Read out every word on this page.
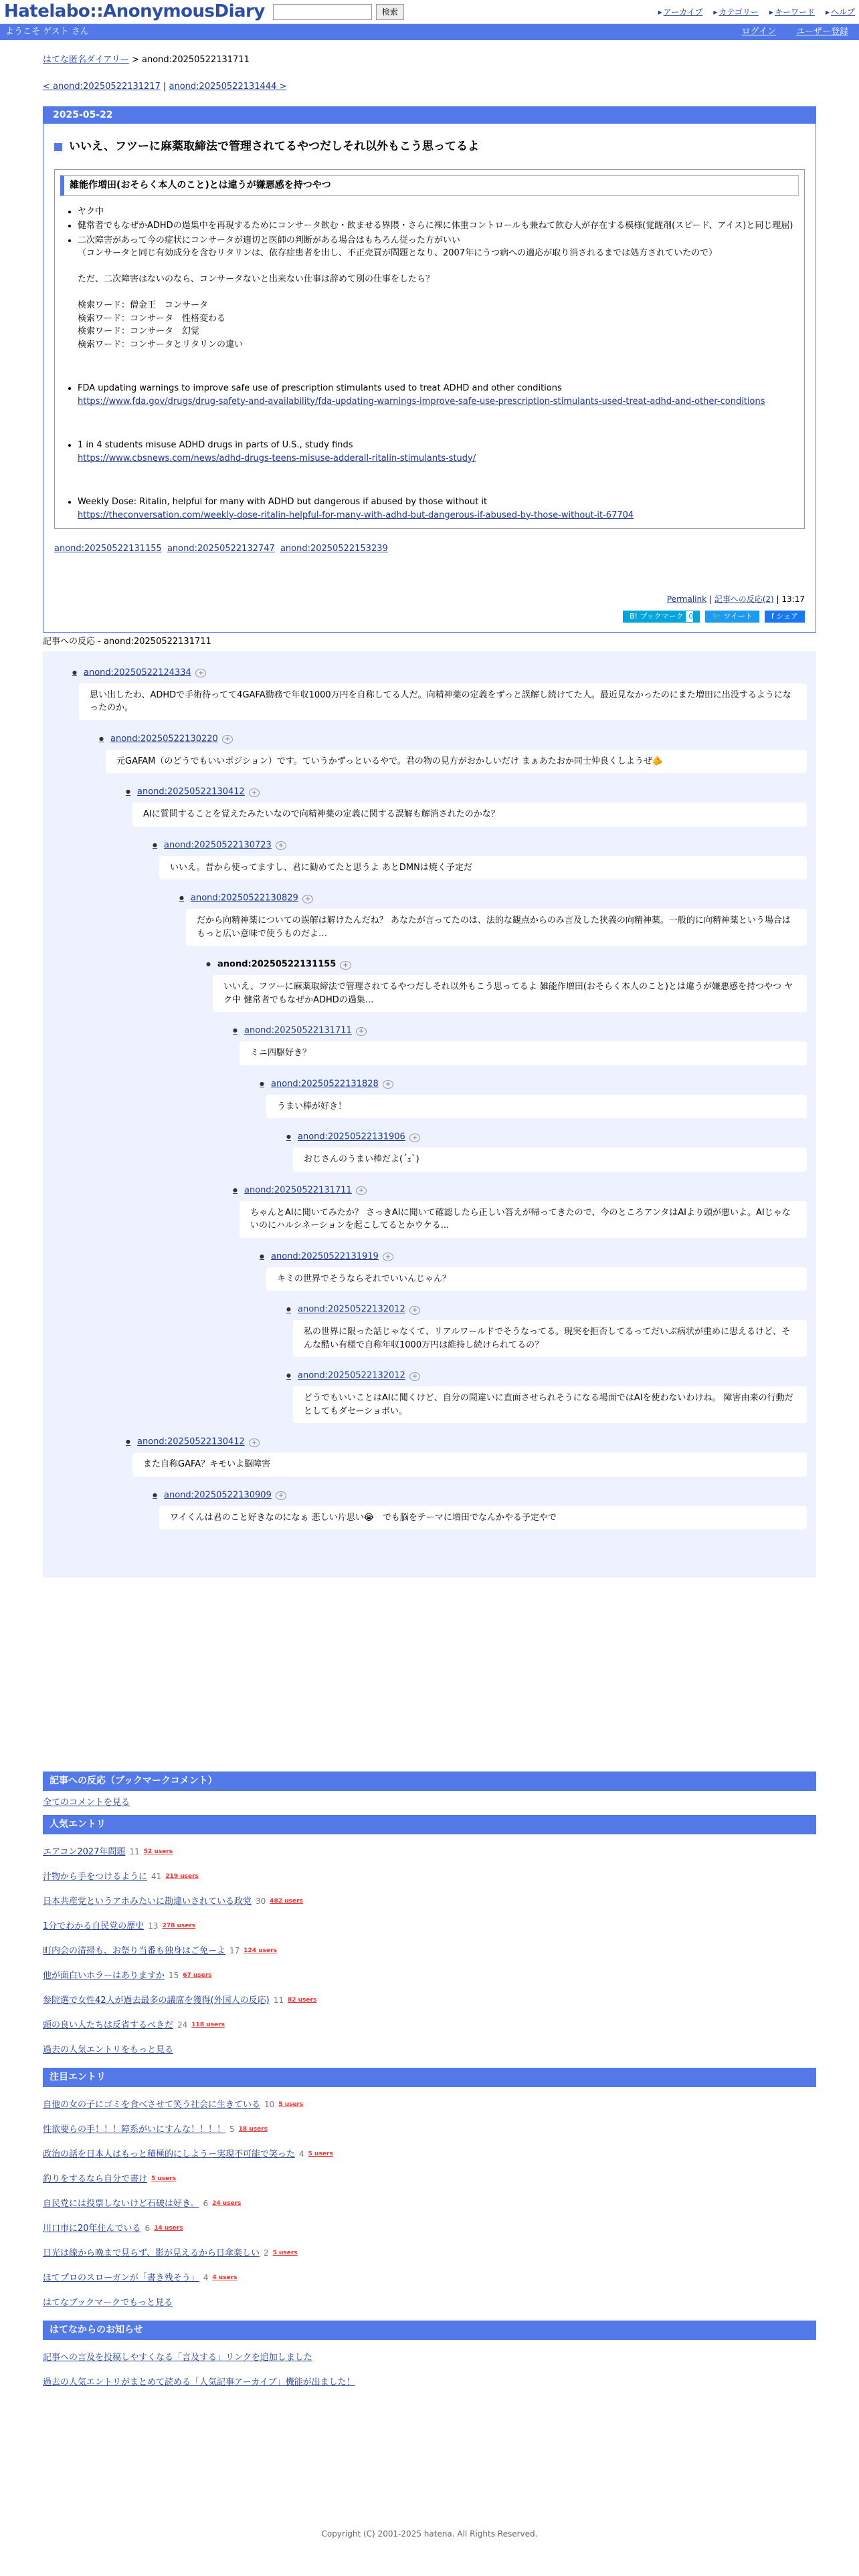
Hatelabo::AnonymousDiary	検索	▸ アーカイブ	▸ カテゴリー	▸ キーワード	▸ ヘルプ
ようこそ ゲスト さん	ログイン ユーザー登録
はてな匿名ダイアリー > anond:20250522131711
< anond:20250522131217 | anond:20250522131444 >
2025-05-22
いいえ、フツーに麻薬取締法で管理されてるやつだしそれ以外もこう思ってるよ
雑能作増田(おそらく本人のこと)とは違うが嫌悪感を持つやつ
• ヤク中
• 健常者でもなぜかADHDの過集中を再現するためにコンサータ飲む・飲ませる界隈・さらに裸に体重コントロールも兼ねて飲む人が存在する模様(覚醒剤(スピード、アイス)と同じ理屈)
• 二次障害があって今の症状にコンサータが適切と医師の判断がある場合はもちろん従った方がいい
（コンサータと同じ有効成分を含むリタリンは、依存症患者を出し、不正売買が問題となり、2007年にうつ病への適応が取り消されるまでは処方されていたので）

ただ、二次障害はないのなら、コンサータないと出来ない仕事は辞めて別の仕事をしたら？

検索ワード：僧金王　コンサータ
検索ワード：コンサータ　性格変わる
検索ワード：コンサータ　幻覚
検索ワード：コンサータとリタリンの違い
• FDA updating warnings to improve safe use of prescription stimulants used to treat ADHD and other conditions
https://www.fda.gov/drugs/drug-safety-and-availability/fda-updating-warnings-improve-safe-use-prescription-stimulants-used-treat-adhd-and-other-conditions
• 1 in 4 students misuse ADHD drugs in parts of U.S., study finds
https://www.cbsnews.com/news/adhd-drugs-teens-misuse-adderall-ritalin-stimulants-study/
• Weekly Dose: Ritalin, helpful for many with ADHD but dangerous if abused by those without it
https://theconversation.com/weekly-dose-ritalin-helpful-for-many-with-adhd-but-dangerous-if-abused-by-those-without-it-67704
anond:20250522131155 anond:20250522132747 anond:20250522153239
Permalink | 記事への反応(2) | 13:17
B! ブックマーク 0	🐦 ツイート	f シェア
記事への反応 - anond:20250522131711
● anond:20250522124334 +
思い出したわ、ADHDで手術待ってて4GAFA勤務で年収1000万円を自称してる人だ。向精神薬の定義をずっと誤解し続けてた人。最近見なかったのにまた増田に出没するようになったのか。
● anond:20250522130220 +
元GAFAM（のどうでもいいポジション）です。ていうかずっといるやで。君の物の見方がおかしいだけ まぁあたおか同士仲良くしようぜ🫵
● anond:20250522130412 +
AIに質問することを覚えたみたいなので向精神薬の定義に関する誤解も解消されたのかな？
● anond:20250522130723 +
いいえ。昔から使ってますし、君に勧めてたと思うよ あとDMNは焼く予定だ
● anond:20250522130829 +
だから向精神薬についての誤解は解けたんだね？ あなたが言ってたのは、法的な観点からのみ言及した狭義の向精神薬。一般的に向精神薬という場合はもっと広い意味で使うものだよ…
● anond:20250522131155 +
いいえ、フツーに麻薬取締法で管理されてるやつだしそれ以外もこう思ってるよ 雑能作増田(おそらく本人のこと)とは違うが嫌悪感を持つやつ ヤク中 健常者でもなぜかADHDの過集...
● anond:20250522131711 +
ミニ四駆好き？
● anond:20250522131828 +
うまい棒が好き！
● anond:20250522131906 +
おじさんのうまい棒だよ(´ｪ`)
● anond:20250522131711 +
ちゃんとAIに聞いてみたか？ さっきAIに聞いて確認したら正しい答えが帰ってきたので、今のところアンタはAIより頭が悪いよ。AIじゃないのにハルシネーションを起こしてるとかウケる...
● anond:20250522131919 +
キミの世界でそうならそれでいいんじゃん？
● anond:20250522132012 +
私の世界に限った話じゃなくて、リアルワールドでそうなってる。現実を拒否してるってだいぶ病状が重めに思えるけど、そんな酷い有様で自称年収1000万円は維持し続けられてるの？
● anond:20250522132012 +
どうでもいいことはAIに聞くけど、自分の間違いに直面させられそうになる場面ではAIを使わないわけね。 障害由来の行動だとしてもダセーショボい。
● anond:20250522130412 +
また自称GAFA？キモいよ脳障害
● anond:20250522130909 +
ワイくんは君のこと好きなのになぁ 悲しい片思い😭　でも脳をテーマに増田でなんかやる予定やで
記事への反応（ブックマークコメント）
全てのコメントを見る
人気エントリ
エアコン2027年問題 11 52 users
汁物から手をつけるように 41 219 users
日本共産党というアホみたいに勘違いされている政党 30 482 users
1分でわかる自民党の歴史 13 278 users
町内会の清掃も、お祭り当番も独身はご免ーよ 17 124 users
他が面白いホラーはありますか 15 67 users
参院選で女性42人が過去最多の議席を獲得(外国人の反応) 11 82 users
頭の良い人たちは反省するべきだ 24 118 users
過去の人気エントリをもっと見る
注目エントリ
自他の女の子にゴミを食べさせて笑う社会に生きている 10 5 users
性欲要らの手！！！障系がいにすんな！！！！ 5 18 users
政治の話を日本人はもっと積極的にしようー実現不可能で笑った 4 5 users
釣りをするなら自分で書け 5 users
自民党には投票しないけど石破は好き。 6 24 users
川口市に20年住んでいる 6 14 users
日光は線から晩まで見らず、影が見えるから日傘楽しい 2 5 users
ほてプロのスローガンが「書き残そう」 4 4 users
はてなブックマークでもっと見る
はてなからのお知らせ
記事への言及を投稿しやすくなる「言及する」リンクを追加しました
過去の人気エントリがまとめて読める「人気記事アーカイブ」機能が出ました！
Copyright (C) 2001-2025 hatena. All Rights Reserved.
